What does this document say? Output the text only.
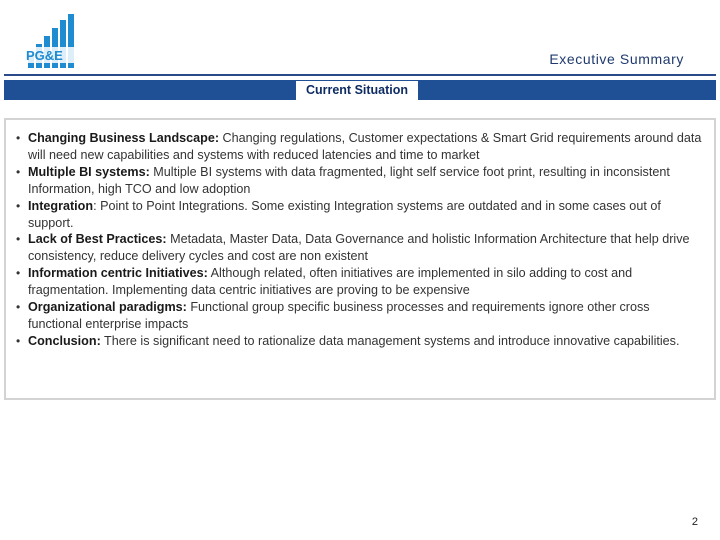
PG&E	Executive Summary
Current Situation
• Changing Business Landscape: Changing regulations, Customer expectations & Smart Grid requirements around data will need new capabilities and systems with reduced latencies and time to market
• Multiple BI systems: Multiple BI systems with data fragmented, light self service foot print, resulting in inconsistent Information, high TCO and low adoption
• Integration: Point to Point Integrations. Some existing Integration systems are outdated and in some cases out of support.
• Lack of Best Practices: Metadata, Master Data, Data Governance and holistic Information Architecture that help drive consistency, reduce delivery cycles and cost are non existent
• Information centric Initiatives: Although related, often initiatives are implemented in silo adding to cost and fragmentation. Implementing data centric initiatives are proving to be expensive
• Organizational paradigms: Functional group specific business processes and requirements ignore other cross functional enterprise impacts
• Conclusion: There is significant need to rationalize data management systems and introduce innovative capabilities.
2
